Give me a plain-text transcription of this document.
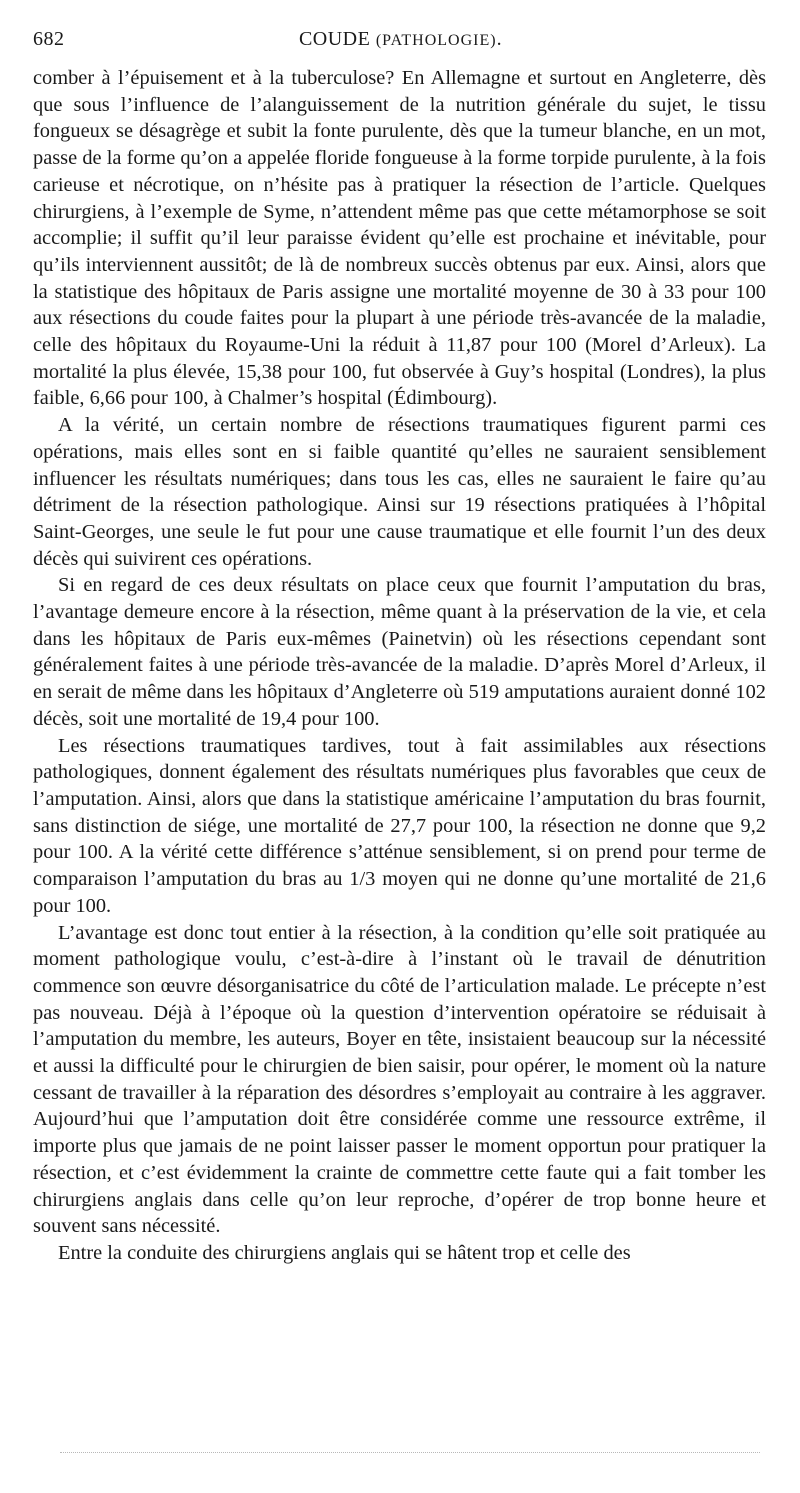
682	COUDE (PATHOLOGIE).

comber à l’épuisement et à la tuberculose? En Allemagne et surtout en Angleterre, dès que sous l’influence de l’alanguissement de la nutrition générale du sujet, le tissu fongueux se désagrège et subit la fonte purulente, dès que la tumeur blanche, en un mot, passe de la forme qu’on a appelée floride fongueuse à la forme torpide purulente, à la fois carieuse et nécrotique, on n’hésite pas à pratiquer la résection de l’article. Quelques chirurgiens, à l’exemple de Syme, n’attendent même pas que cette métamorphose se soit accomplie; il suffit qu’il leur paraisse évident qu’elle est prochaine et inévitable, pour qu’ils interviennent aussitôt; de là de nombreux succès obtenus par eux. Ainsi, alors que la statistique des hôpitaux de Paris assigne une mortalité moyenne de 30 à 33 pour 100 aux résections du coude faites pour la plupart à une période très-avancée de la maladie, celle des hôpitaux du Royaume-Uni la réduit à 11,87 pour 100 (Morel d’Arleux). La mortalité la plus élevée, 15,38 pour 100, fut observée à Guy’s hospital (Londres), la plus faible, 6,66 pour 100, à Chalmer’s hospital (Édimbourg).

A la vérité, un certain nombre de résections traumatiques figurent parmi ces opérations, mais elles sont en si faible quantité qu’elles ne sauraient sensiblement influencer les résultats numériques; dans tous les cas, elles ne sauraient le faire qu’au détriment de la résection pathologique. Ainsi sur 19 résections pratiquées à l’hôpital Saint-Georges, une seule le fut pour une cause traumatique et elle fournit l’un des deux décès qui suivirent ces opérations.

Si en regard de ces deux résultats on place ceux que fournit l’amputation du bras, l’avantage demeure encore à la résection, même quant à la préservation de la vie, et cela dans les hôpitaux de Paris eux-mêmes (Painetvin) où les résections cependant sont généralement faites à une période très-avancée de la maladie. D’après Morel d’Arleux, il en serait de même dans les hôpitaux d’Angleterre où 519 amputations auraient donné 102 décès, soit une mortalité de 19,4 pour 100.

Les résections traumatiques tardives, tout à fait assimilables aux résections pathologiques, donnent également des résultats numériques plus favorables que ceux de l’amputation. Ainsi, alors que dans la statistique américaine l’amputation du bras fournit, sans distinction de siége, une mortalité de 27,7 pour 100, la résection ne donne que 9,2 pour 100. A la vérité cette différence s’atténue sensiblement, si on prend pour terme de comparaison l’amputation du bras au 1/3 moyen qui ne donne qu’une mortalité de 21,6 pour 100.

L’avantage est donc tout entier à la résection, à la condition qu’elle soit pratiquée au moment pathologique voulu, c’est-à-dire à l’instant où le travail de dénutrition commence son œuvre désorganisatrice du côté de l’articulation malade. Le précepte n’est pas nouveau. Déjà à l’époque où la question d’intervention opératoire se réduisait à l’amputation du membre, les auteurs, Boyer en tête, insistaient beaucoup sur la nécessité et aussi la difficulté pour le chirurgien de bien saisir, pour opérer, le moment où la nature cessant de travailler à la réparation des désordres s’employait au contraire à les aggraver. Aujourd’hui que l’amputation doit être considérée comme une ressource extrême, il importe plus que jamais de ne point laisser passer le moment opportun pour pratiquer la résection, et c’est évidemment la crainte de commettre cette faute qui a fait tomber les chirurgiens anglais dans celle qu’on leur reproche, d’opérer de trop bonne heure et souvent sans nécessité.

Entre la conduite des chirurgiens anglais qui se hâtent trop et celle des
